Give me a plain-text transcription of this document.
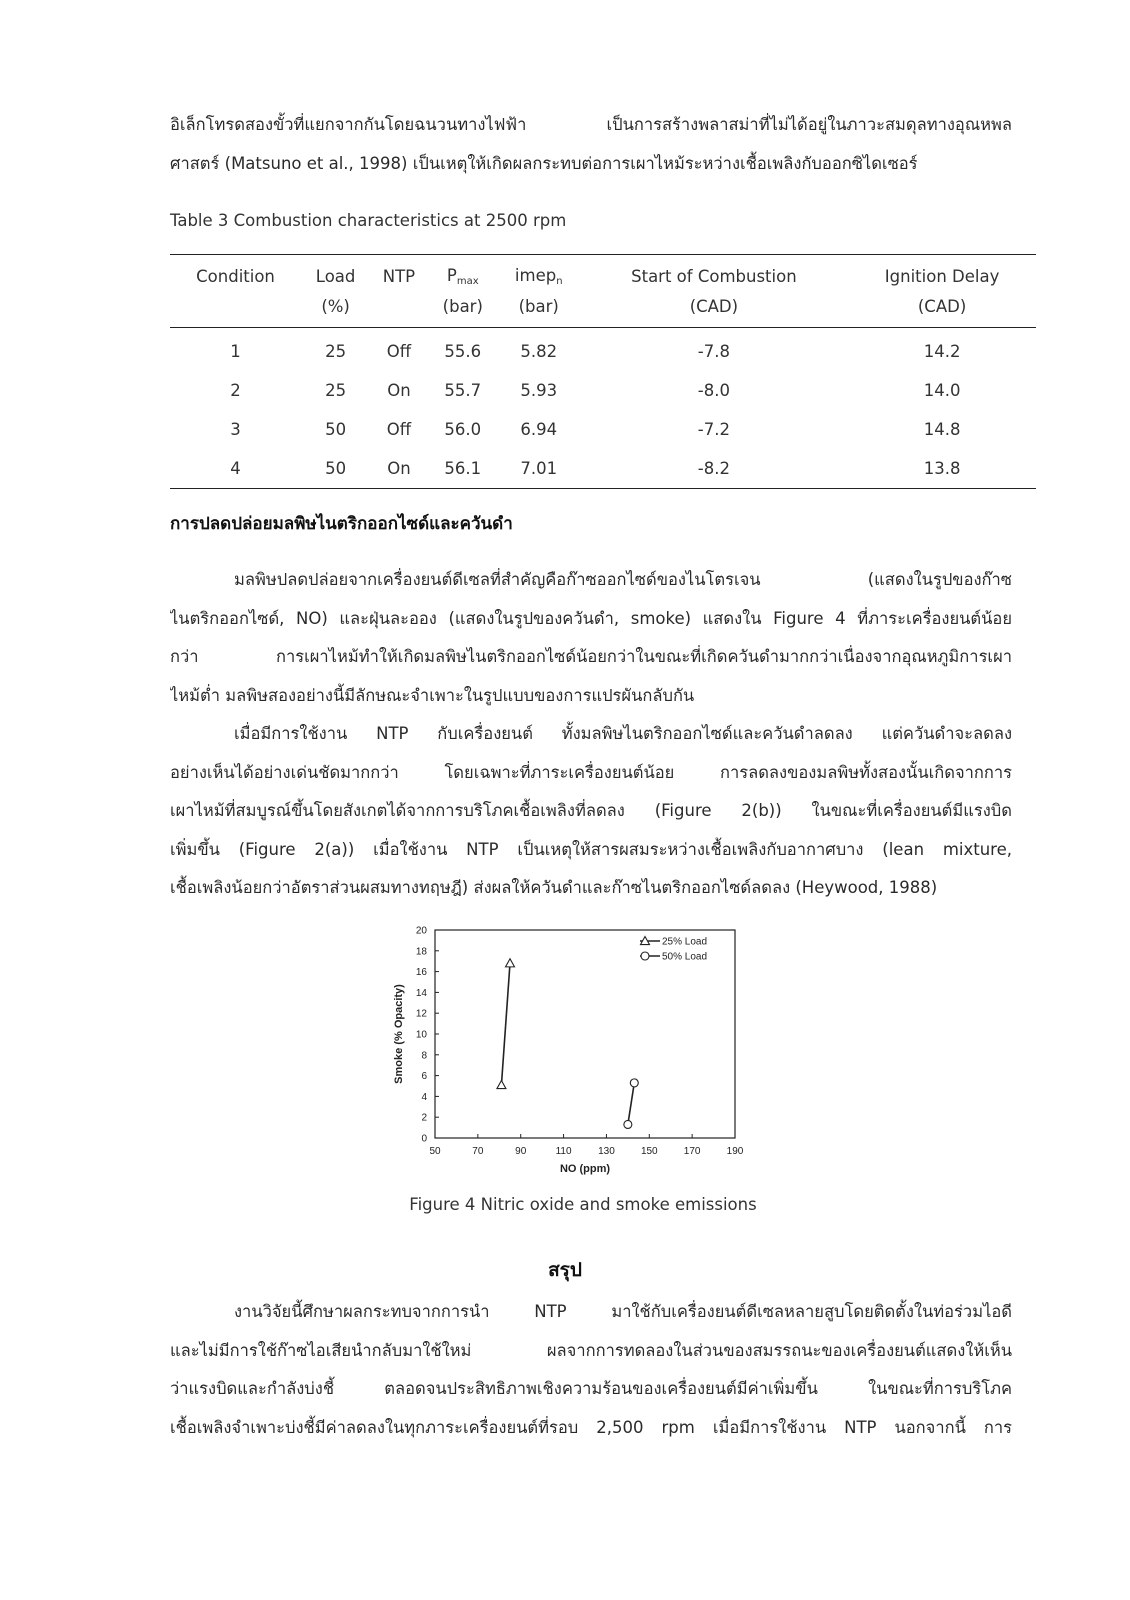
อิเล็กโทรดสองขั้วที่แยกจากกันโดยฉนวนทางไฟฟ้า เป็นการสร้างพลาสม่าที่ไม่ได้อยู่ในภาวะสมดุลทางอุณหพล
ศาสตร์ (Matsuno et al., 1998) เป็นเหตุให้เกิดผลกระทบต่อการเผาไหม้ระหว่างเชื้อเพลิงกับออกซิไดเซอร์
Table 3 Combustion characteristics at 2500 rpm
Condition	Load	NTP	$P_{max}$	imep$_n$	Start of Combustion	Ignition Delay
	(%)		(bar)	(bar)	(CAD)	(CAD)
1	25	Off	55.6	5.82	-7.8	14.2
2	25	On	55.7	5.93	-8.0	14.0
3	50	Off	56.0	6.94	-7.2	14.8
4	50	On	56.1	7.01	-8.2	13.8
การปลดปล่อยมลพิษไนตริกออกไซด์และควันดำ
มลพิษปลดปล่อยจากเครื่องยนต์ดีเซลที่สำคัญคือก๊าซออกไซด์ของไนโตรเจน (แสดงในรูปของก๊าซ
ไนตริกออกไซด์, NO) และฝุ่นละออง (แสดงในรูปของควันดำ, smoke) แสดงใน Figure 4 ที่ภาระเครื่องยนต์น้อย
กว่า การเผาไหม้ทำให้เกิดมลพิษไนตริกออกไซด์น้อยกว่าในขณะที่เกิดควันดำมากกว่าเนื่องจากอุณหภูมิการเผา
ไหม้ต่ำ มลพิษสองอย่างนี้มีลักษณะจำเพาะในรูปแบบของการแปรผันกลับกัน
เมื่อมีการใช้งาน NTP กับเครื่องยนต์ ทั้งมลพิษไนตริกออกไซด์และควันดำลดลง แต่ควันดำจะลดลง
อย่างเห็นได้อย่างเด่นชัดมากกว่า โดยเฉพาะที่ภาระเครื่องยนต์น้อย การลดลงของมลพิษทั้งสองนั้นเกิดจากการ
เผาไหม้ที่สมบูรณ์ขึ้นโดยสังเกตได้จากการบริโภคเชื้อเพลิงที่ลดลง (Figure 2(b)) ในขณะที่เครื่องยนต์มีแรงบิด
เพิ่มขึ้น (Figure 2(a)) เมื่อใช้งาน NTP เป็นเหตุให้สารผสมระหว่างเชื้อเพลิงกับอากาศบาง (lean mixture,
เชื้อเพลิงน้อยกว่าอัตราส่วนผสมทางทฤษฎี) ส่งผลให้ควันดำและก๊าซไนตริกออกไซด์ลดลง (Heywood, 1988)
Smoke (% Opacity)
NO (ppm)
0
2
4
6
8
10
12
14
16
18
20
50	70	90	110	130	150	170	190
25% Load
50% Load
Figure 4 Nitric oxide and smoke emissions
สรุป
งานวิจัยนี้ศึกษาผลกระทบจากการนำ NTP มาใช้กับเครื่องยนต์ดีเซลหลายสูบโดยติดตั้งในท่อร่วมไอดี
และไม่มีการใช้ก๊าซไอเสียนำกลับมาใช้ใหม่ ผลจากการทดลองในส่วนของสมรรถนะของเครื่องยนต์แสดงให้เห็น
ว่าแรงบิดและกำลังบ่งชี้ ตลอดจนประสิทธิภาพเชิงความร้อนของเครื่องยนต์มีค่าเพิ่มขึ้น ในขณะที่การบริโภค
เชื้อเพลิงจำเพาะบ่งชี้มีค่าลดลงในทุกภาระเครื่องยนต์ที่รอบ 2,500 rpm เมื่อมีการใช้งาน NTP นอกจากนี้ การ
